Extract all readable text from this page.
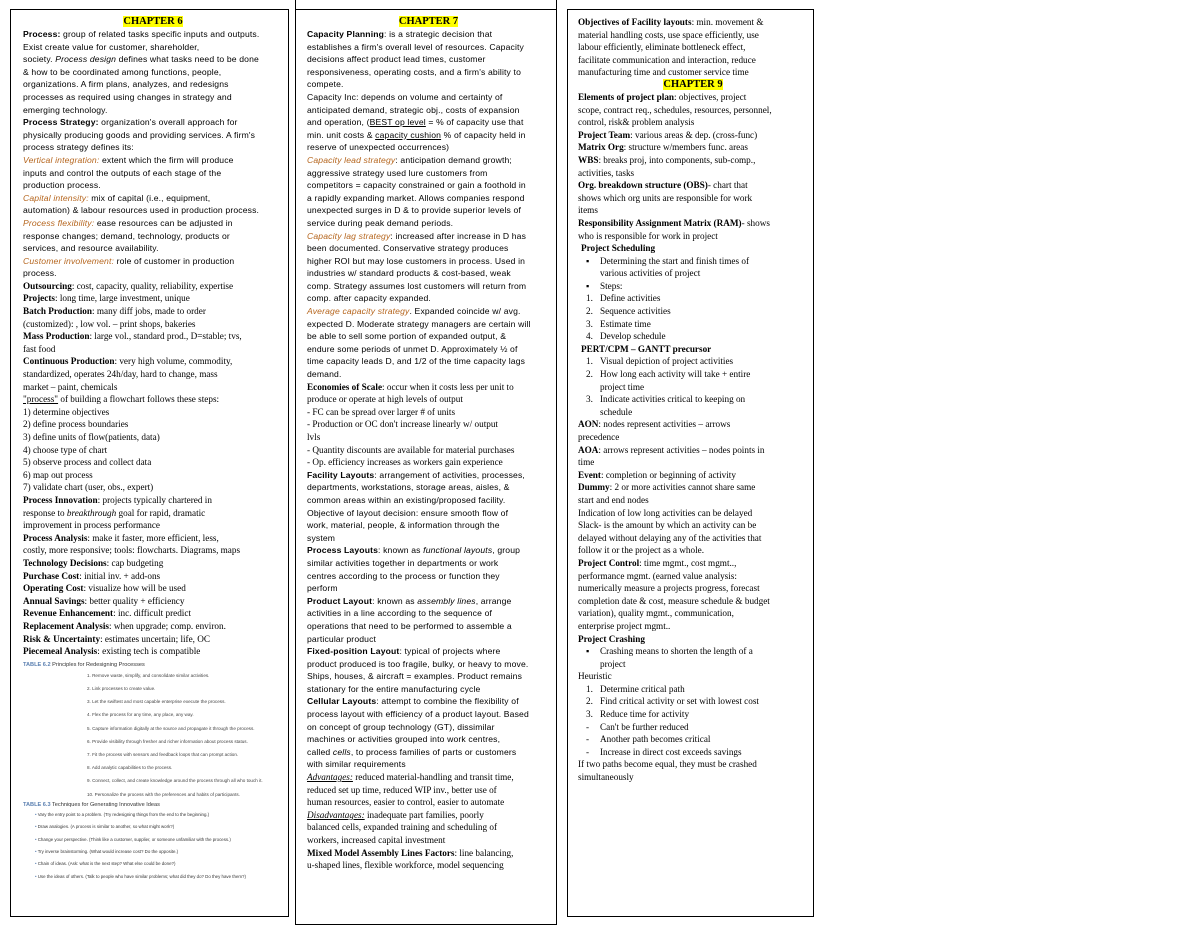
CHAPTER 6
Process: group of related tasks specific inputs and outputs.
Exist create value for customer, shareholder,
society. Process design defines what tasks need to be done
& how to be coordinated among functions, people,
organizations. A firm plans, analyzes, and redesigns
processes as required using changes in strategy and
emerging technology.
Process Strategy: organization's overall approach for
physically producing goods and providing services. A firm's
process strategy defines its:
Vertical integration: extent which the firm will produce
inputs and control the outputs of each stage of the
production process.
Capital intensity: mix of capital (i.e., equipment,
automation) & labour resources used in production process.
Process flexibility: ease resources can be adjusted in
response changes; demand, technology, products or
services, and resource availability.
Customer involvement: role of customer in production
process.
Outsourcing: cost, capacity, quality, reliability, expertise
Projects: long time, large investment, unique
Batch Production: many diff jobs, made to order
(customized): , low vol. – print shops, bakeries
Mass Production: large vol., standard prod., D=stable; tvs,
fast food
Continuous Production: very high volume, commodity,
standardized, operates 24h/day, hard to change, mass
market – paint, chemicals
"process" of building a flowchart follows these steps:
1) determine objectives
2) define process boundaries
3) define units of flow(patients, data)
4) choose type of chart
5) observe process and collect data
6) map out process
7) validate chart (user, obs., expert)
Process Innovation: projects typically chartered in
response to breakthrough goal for rapid, dramatic
improvement in process performance
Process Analysis: make it faster, more efficient, less,
costly, more responsive; tools: flowcharts. Diagrams, maps
Technology Decisions: cap budgeting
Purchase Cost: initial inv. + add-ons
Operating Cost: visualize how will be used
Annual Savings: better quality + efficiency
Revenue Enhancement: inc. difficult predict
Replacement Analysis: when upgrade; comp. environ.
Risk & Uncertainty: estimates uncertain; life, OC
Piecemeal Analysis: existing tech is compatible
TABLE 6.2 Principles for Redesigning Processes
1. Remove waste, simplify, and consolidate similar activities.
2. Link processes to create value.
3. Let the swiftest and most capable enterprise execute the process.
4. Flex the process for any time, any place, any way.
5. Capture information digitally at the source and propagate it through the process.
6. Provide visibility through fresher and richer information about process status.
7. Fit the process with sensors and feedback loops that can prompt action.
8. Add analytic capabilities to the process.
9. Connect, collect, and create knowledge around the process through all who touch it.
10. Personalize the process with the preferences and habits of participants.
TABLE 6.3 Techniques for Generating Innovative Ideas
• Vary the entry point to a problem. (Try redesigning things from the end to the beginning.)
• Draw analogies. (A process is similar to another, so what might work?)
• Change your perspective. (Think like a customer, supplier, or someone unfamiliar with the process.)
• Try inverse brainstorming. (What would increase cost? Do the opposite.)
• Chain of ideas. (Ask: what is the next step? What else could be done?)
• Use the ideas of others. (Talk to people who have similar problems; what did they do? Do they have them?)
CHAPTER 7
Capacity Planning: is a strategic decision that
establishes a firm's overall level of resources. Capacity
decisions affect product lead times, customer
responsiveness, operating costs, and a firm's ability to
compete.
Capacity Inc: depends on volume and certainty of
anticipated demand, strategic obj., costs of expansion
and operation, (BEST op level = % of capacity use that
min. unit costs & capacity cushion % of capacity held in
reserve of unexpected occurrences)
Capacity lead strategy: anticipation demand growth;
aggressive strategy used lure customers from
competitors = capacity constrained or gain a foothold in
a rapidly expanding market. Allows companies respond
unexpected surges in D & to provide superior levels of
service during peak demand periods.
Capacity lag strategy: increased after increase in D has
been documented. Conservative strategy produces
higher ROI but may lose customers in process. Used in
industries w/ standard products & cost-based, weak
comp. Strategy assumes lost customers will return from
comp. after capacity expanded.
Average capacity strategy. Expanded coincide w/ avg.
expected D. Moderate strategy managers are certain will
be able to sell some portion of expanded output, &
endure some periods of unmet D. Approximately ½ of
time capacity leads D, and 1/2 of the time capacity lags
demand.
Economies of Scale: occur when it costs less per unit to
produce or operate at high levels of output
- FC can be spread over larger # of units
- Production or OC don't increase linearly w/ output
lvls
- Quantity discounts are available for material purchases
- Op. efficiency increases as workers gain experience
Facility Layouts: arrangement of activities, processes,
departments, workstations, storage areas, aisles, &
common areas within an existing/proposed facility.
Objective of layout decision: ensure smooth flow of
work, material, people, & information through the
system
Process Layouts: known as functional layouts, group
similar activities together in departments or work
centres according to the process or function they
perform
Product Layout: known as assembly lines, arrange
activities in a line according to the sequence of
operations that need to be performed to assemble a
particular product
Fixed-position Layout: typical of projects where
product produced is too fragile, bulky, or heavy to move.
Ships, houses, & aircraft = examples. Product remains
stationary for the entire manufacturing cycle
Cellular Layouts: attempt to combine the flexibility of
process layout with efficiency of a product layout. Based
on concept of group technology (GT), dissimilar
machines or activities grouped into work centres,
called cells, to process families of parts or customers
with similar requirements
Advantages: reduced material-handling and transit time,
reduced set up time, reduced WIP inv., better use of
human resources, easier to control, easier to automate
Disadvantages: inadequate part families, poorly
balanced cells, expanded training and scheduling of
workers, increased capital investment
Mixed Model Assembly Lines Factors: line balancing,
u-shaped lines, flexible workforce, model sequencing
Objectives of Facility layouts: min. movement &
material handling costs, use space efficiently, use
labour efficiently, eliminate bottleneck effect,
facilitate communication and interaction, reduce
manufacturing time and customer service time
CHAPTER 9
Elements of project plan: objectives, project
scope, contract req., schedules, resources, personnel,
control, risk& problem analysis
Project Team: various areas & dep. (cross-func)
Matrix Org: structure w/members func. areas
WBS: breaks proj, into components, sub-comp.,
activities, tasks
Org. breakdown structure (OBS)- chart that
shows which org units are responsible for work
items
Responsibility Assignment Matrix (RAM)- shows
who is responsible for work in project
Project Scheduling
▪ Determining the start and finish times of
various activities of project
▪ Steps:
1. Define activities
2. Sequence activities
3. Estimate time
4. Develop schedule
PERT/CPM – GANTT precursor
1. Visual depiction of project activities
2. How long each activity will take + entire
project time
3. Indicate activities critical to keeping on
schedule
AON: nodes represent activities – arrows
precedence
AOA: arrows represent activities – nodes points in
time
Event: completion or beginning of activity
Dummy: 2 or more activities cannot share same
start and end nodes
Indication of low long activities can be delayed
Slack- is the amount by which an activity can be
delayed without delaying any of the activities that
follow it or the project as a whole.
Project Control: time mgmt., cost mgmt..,
performance mgmt. (earned value analysis:
numerically measure a projects progress, forecast
completion date & cost, measure schedule & budget
variation), quality mgmt., communication,
enterprise project mgmt..
Project Crashing
▪ Crashing means to shorten the length of a
project
Heuristic
1. Determine critical path
2. Find critical activity or set with lowest cost
3. Reduce time for activity
- Can't be further reduced
- Another path becomes critical
- Increase in direct cost exceeds savings
If two paths become equal, they must be crashed
simultaneously
